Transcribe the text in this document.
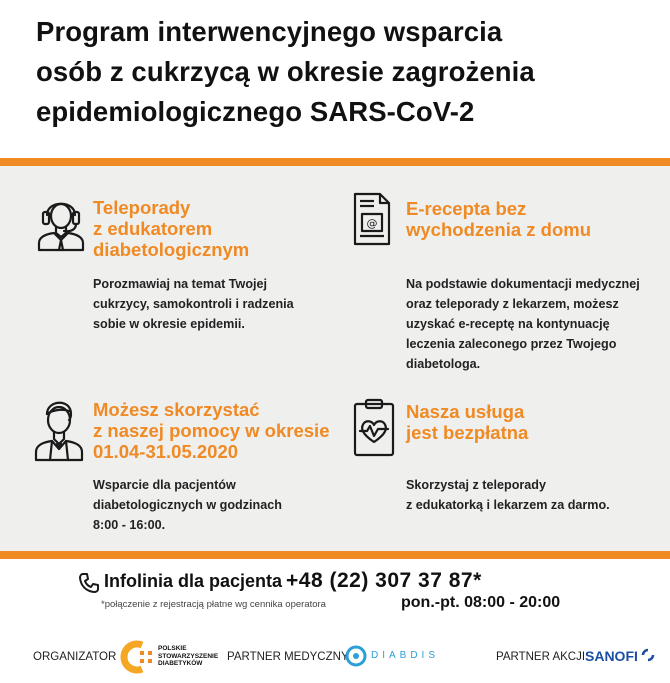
Program interwencyjnego wsparcia
osób z cukrzycą w okresie zagrożenia
epidemiologicznego SARS-CoV-2
Teleporady
z edukatorem
diabetologicznym

Porozmawiaj na temat Twojej
cukrzycy, samokontroli i radzenia
sobie w okresie epidemii.

@
E-recepta bez
wychodzenia z domu

Na podstawie dokumentacji medycznej
oraz teleporady z lekarzem, możesz
uzyskać e-receptę na kontynuację
leczenia zaleconego przez Twojego
diabetologa.

Możesz skorzystać
z naszej pomocy w okresie
01.04-31.05.2020

Wsparcie dla pacjentów
diabetologicznych w godzinach
8:00 - 16:00.

Nasza usługa
jest bezpłatna

Skorzystaj z teleporady
z edukatorką i lekarzem za darmo.

Infolinia dla pacjenta +48 (22) 307 37 87*
*połączenie z rejestracją płatne wg cennika operatora	pon.-pt. 08:00 - 20:00
ORGANIZATOR
POLSKIE
STOWARZYSZENIE
DIABETYKÓW
PARTNER MEDYCZNY DIABDIS	PARTNER AKCJI SANOFI
